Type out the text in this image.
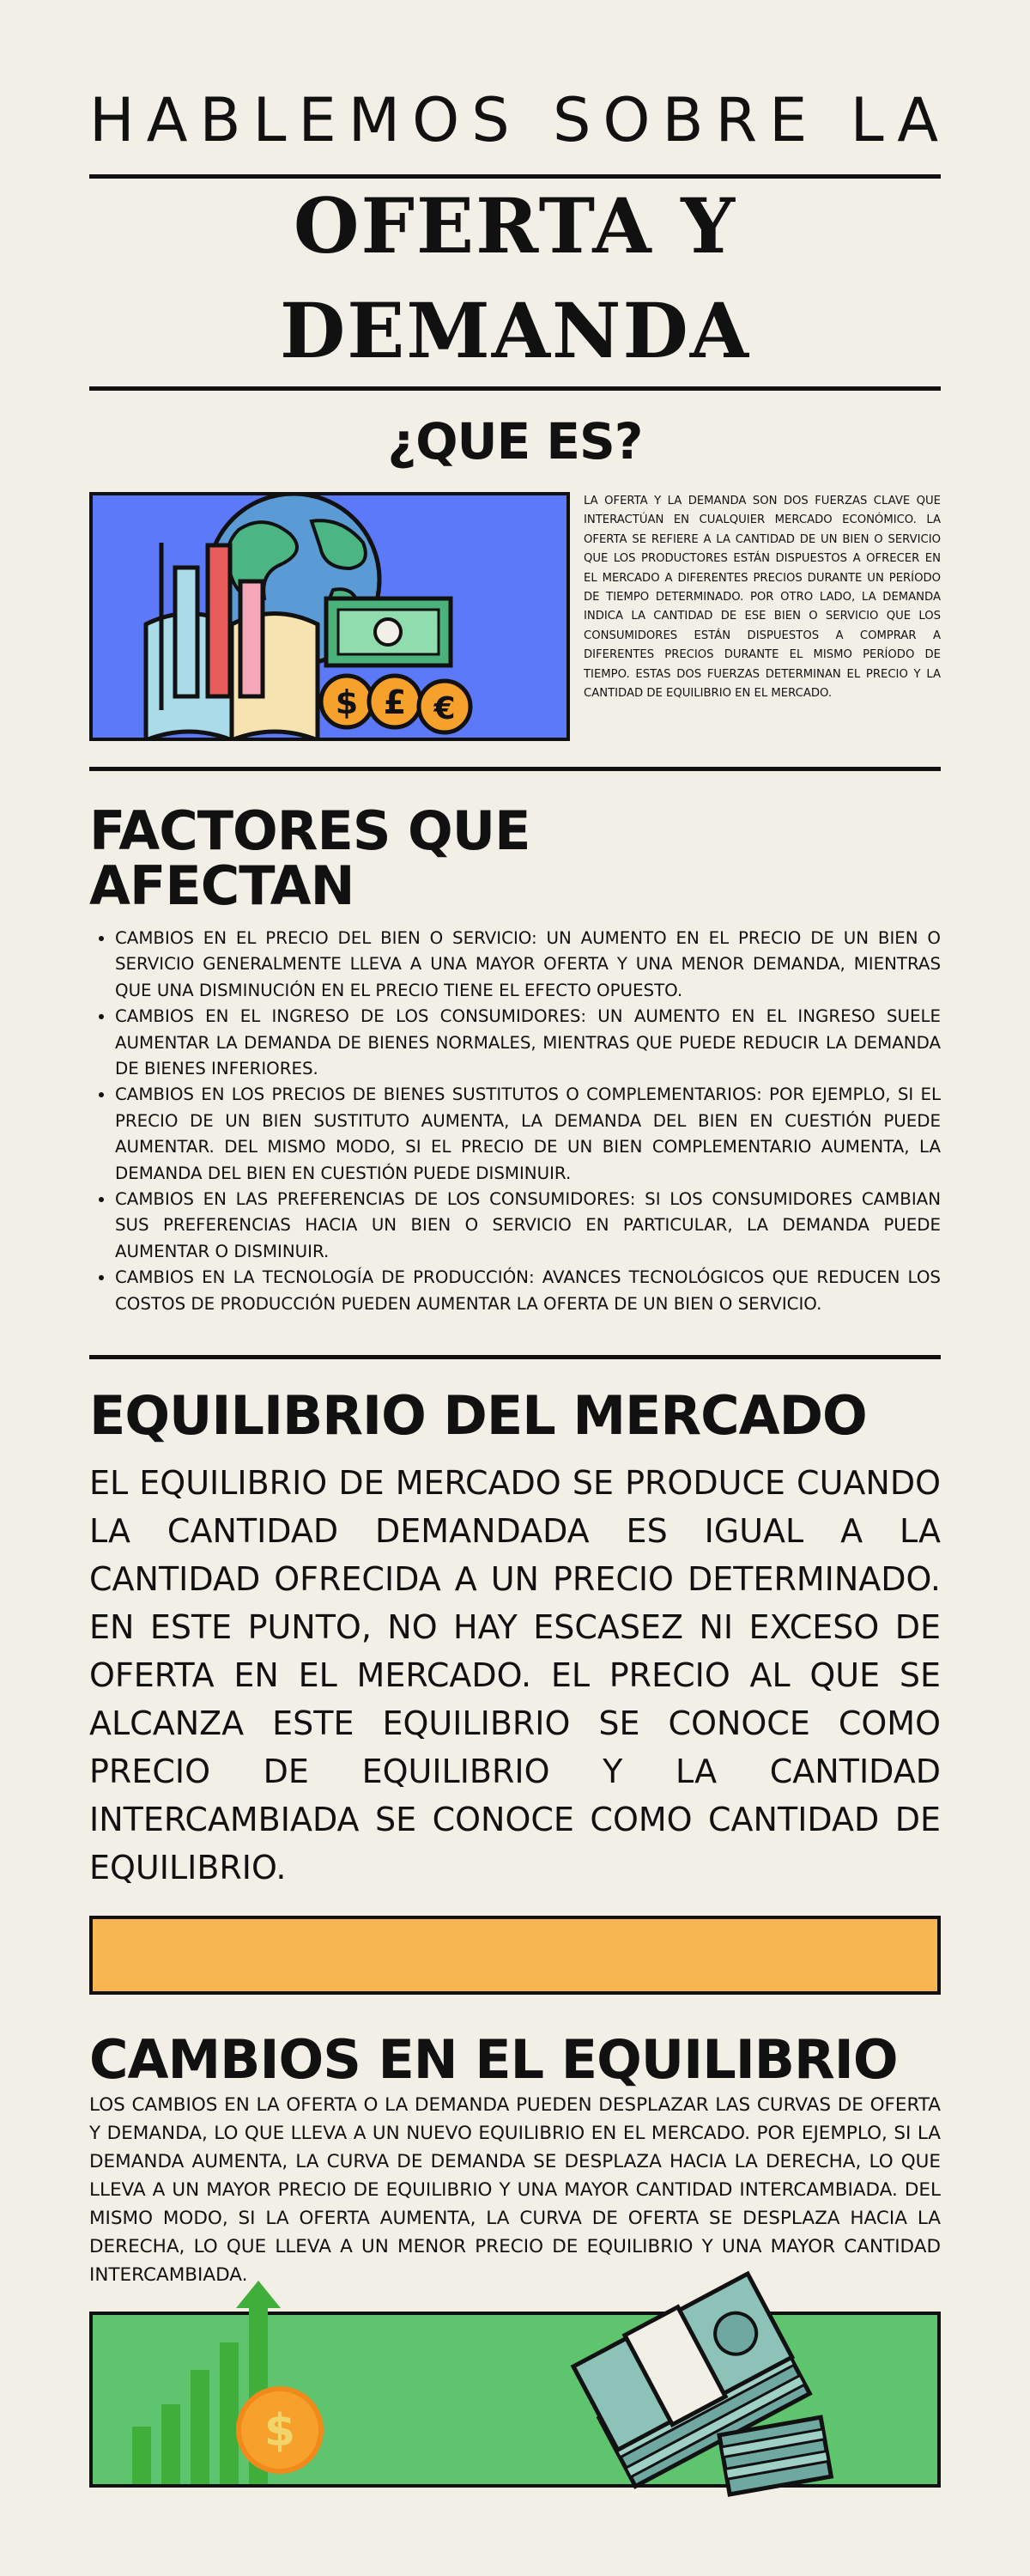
HABLEMOS SOBRE LA
OFERTA Y
DEMANDA
¿QUE ES?
$ £ €
LA OFERTA Y LA DEMANDA SON DOS FUERZAS CLAVE QUE INTERACTÚAN EN CUALQUIER MERCADO ECONÓMICO. LA OFERTA SE REFIERE A LA CANTIDAD DE UN BIEN O SERVICIO QUE LOS PRODUCTORES ESTÁN DISPUESTOS A OFRECER EN EL MERCADO A DIFERENTES PRECIOS DURANTE UN PERÍODO DE TIEMPO DETERMINADO. POR OTRO LADO, LA DEMANDA INDICA LA CANTIDAD DE ESE BIEN O SERVICIO QUE LOS CONSUMIDORES ESTÁN DISPUESTOS A COMPRAR A DIFERENTES PRECIOS DURANTE EL MISMO PERÍODO DE TIEMPO. ESTAS DOS FUERZAS DETERMINAN EL PRECIO Y LA CANTIDAD DE EQUILIBRIO EN EL MERCADO.
FACTORES QUE
AFECTAN
• CAMBIOS EN EL PRECIO DEL BIEN O SERVICIO: UN AUMENTO EN EL PRECIO DE UN BIEN O SERVICIO GENERALMENTE LLEVA A UNA MAYOR OFERTA Y UNA MENOR DEMANDA, MIENTRAS QUE UNA DISMINUCIÓN EN EL PRECIO TIENE EL EFECTO OPUESTO.
• CAMBIOS EN EL INGRESO DE LOS CONSUMIDORES: UN AUMENTO EN EL INGRESO SUELE AUMENTAR LA DEMANDA DE BIENES NORMALES, MIENTRAS QUE PUEDE REDUCIR LA DEMANDA DE BIENES INFERIORES.
• CAMBIOS EN LOS PRECIOS DE BIENES SUSTITUTOS O COMPLEMENTARIOS: POR EJEMPLO, SI EL PRECIO DE UN BIEN SUSTITUTO AUMENTA, LA DEMANDA DEL BIEN EN CUESTIÓN PUEDE AUMENTAR. DEL MISMO MODO, SI EL PRECIO DE UN BIEN COMPLEMENTARIO AUMENTA, LA DEMANDA DEL BIEN EN CUESTIÓN PUEDE DISMINUIR.
• CAMBIOS EN LAS PREFERENCIAS DE LOS CONSUMIDORES: SI LOS CONSUMIDORES CAMBIAN SUS PREFERENCIAS HACIA UN BIEN O SERVICIO EN PARTICULAR, LA DEMANDA PUEDE AUMENTAR O DISMINUIR.
• CAMBIOS EN LA TECNOLOGÍA DE PRODUCCIÓN: AVANCES TECNOLÓGICOS QUE REDUCEN LOS COSTOS DE PRODUCCIÓN PUEDEN AUMENTAR LA OFERTA DE UN BIEN O SERVICIO.
EQUILIBRIO DEL MERCADO
EL EQUILIBRIO DE MERCADO SE PRODUCE CUANDO LA CANTIDAD DEMANDADA ES IGUAL A LA CANTIDAD OFRECIDA A UN PRECIO DETERMINADO. EN ESTE PUNTO, NO HAY ESCASEZ NI EXCESO DE OFERTA EN EL MERCADO. EL PRECIO AL QUE SE ALCANZA ESTE EQUILIBRIO SE CONOCE COMO PRECIO DE EQUILIBRIO Y LA CANTIDAD INTERCAMBIADA SE CONOCE COMO CANTIDAD DE EQUILIBRIO.
CAMBIOS EN EL EQUILIBRIO
LOS CAMBIOS EN LA OFERTA O LA DEMANDA PUEDEN DESPLAZAR LAS CURVAS DE OFERTA Y DEMANDA, LO QUE LLEVA A UN NUEVO EQUILIBRIO EN EL MERCADO. POR EJEMPLO, SI LA DEMANDA AUMENTA, LA CURVA DE DEMANDA SE DESPLAZA HACIA LA DERECHA, LO QUE LLEVA A UN MAYOR PRECIO DE EQUILIBRIO Y UNA MAYOR CANTIDAD INTERCAMBIADA. DEL MISMO MODO, SI LA OFERTA AUMENTA, LA CURVA DE OFERTA SE DESPLAZA HACIA LA DERECHA, LO QUE LLEVA A UN MENOR PRECIO DE EQUILIBRIO Y UNA MAYOR CANTIDAD INTERCAMBIADA.
$
